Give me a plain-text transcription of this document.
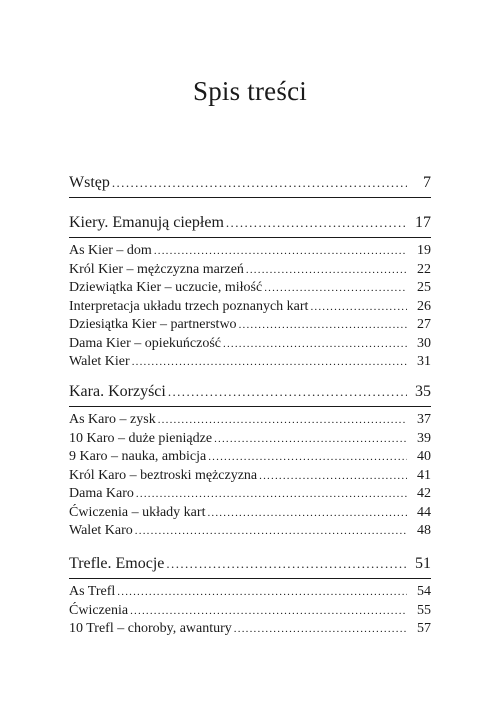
Spis treści
Wstęp .....	7
Kiery. Emanują ciepłem .....	17
As Kier – dom .....	19
Król Kier – mężczyzna marzeń .....	22
Dziewiątka Kier – uczucie, miłość .....	25
Interpretacja układu trzech poznanych kart .....	26
Dziesiątka Kier – partnerstwo .....	27
Dama Kier – opiekuńczość .....	30
Walet Kier .....	31
Kara. Korzyści .....	35
As Karo – zysk .....	37
10 Karo – duże pieniądze .....	39
9 Karo – nauka, ambicja .....	40
Król Karo – beztroski mężczyzna .....	41
Dama Karo .....	42
Ćwiczenia – układy kart .....	44
Walet Karo .....	48
Trefle. Emocje .....	51
As Trefl .....	54
Ćwiczenia .....	55
10 Trefl – choroby, awantury .....	57
